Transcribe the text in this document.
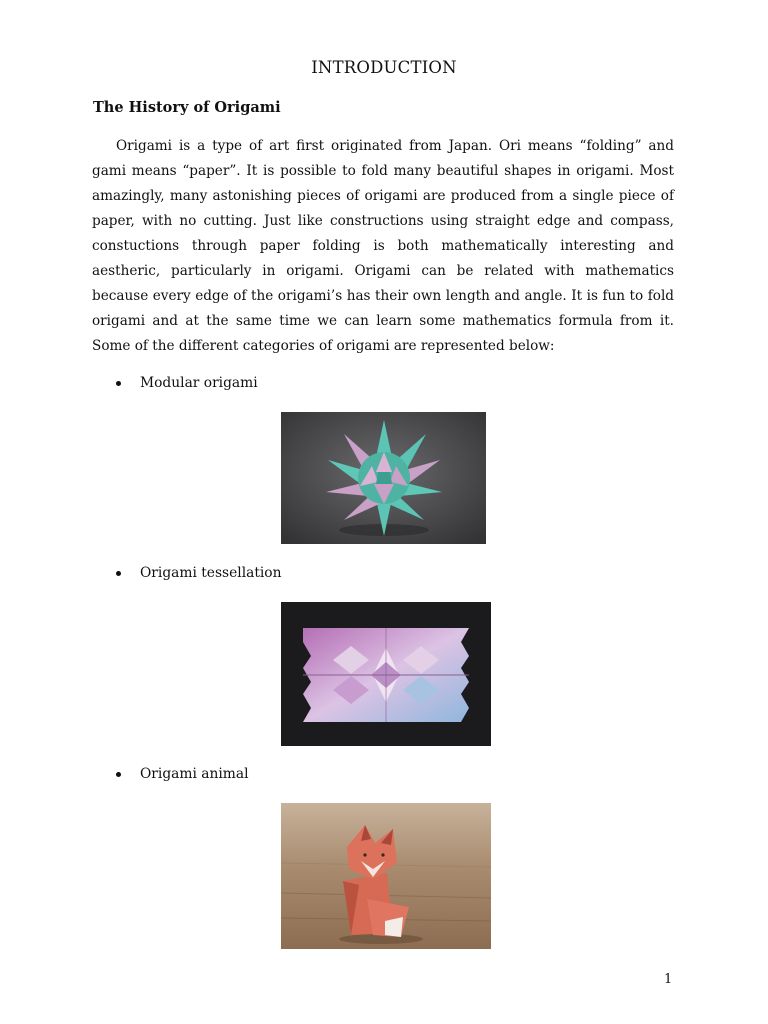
INTRODUCTION
The History of Origami
Origami is a type of art first originated from Japan. Ori means “folding” and gami means “paper”. It is possible to fold many beautiful shapes in origami. Most amazingly, many astonishing pieces of origami are produced from a single piece of paper, with no cutting. Just like constructions using straight edge and compass, constuctions through paper folding is both mathematically interesting and aestheric, particularly in origami. Origami can be related with mathematics because every edge of the origami’s has their own length and angle. It is fun to fold origami and at the same time we can learn some mathematics formula from it. Some of the different categories of origami are represented below:
Modular origami
Origami tessellation
Origami animal
1
